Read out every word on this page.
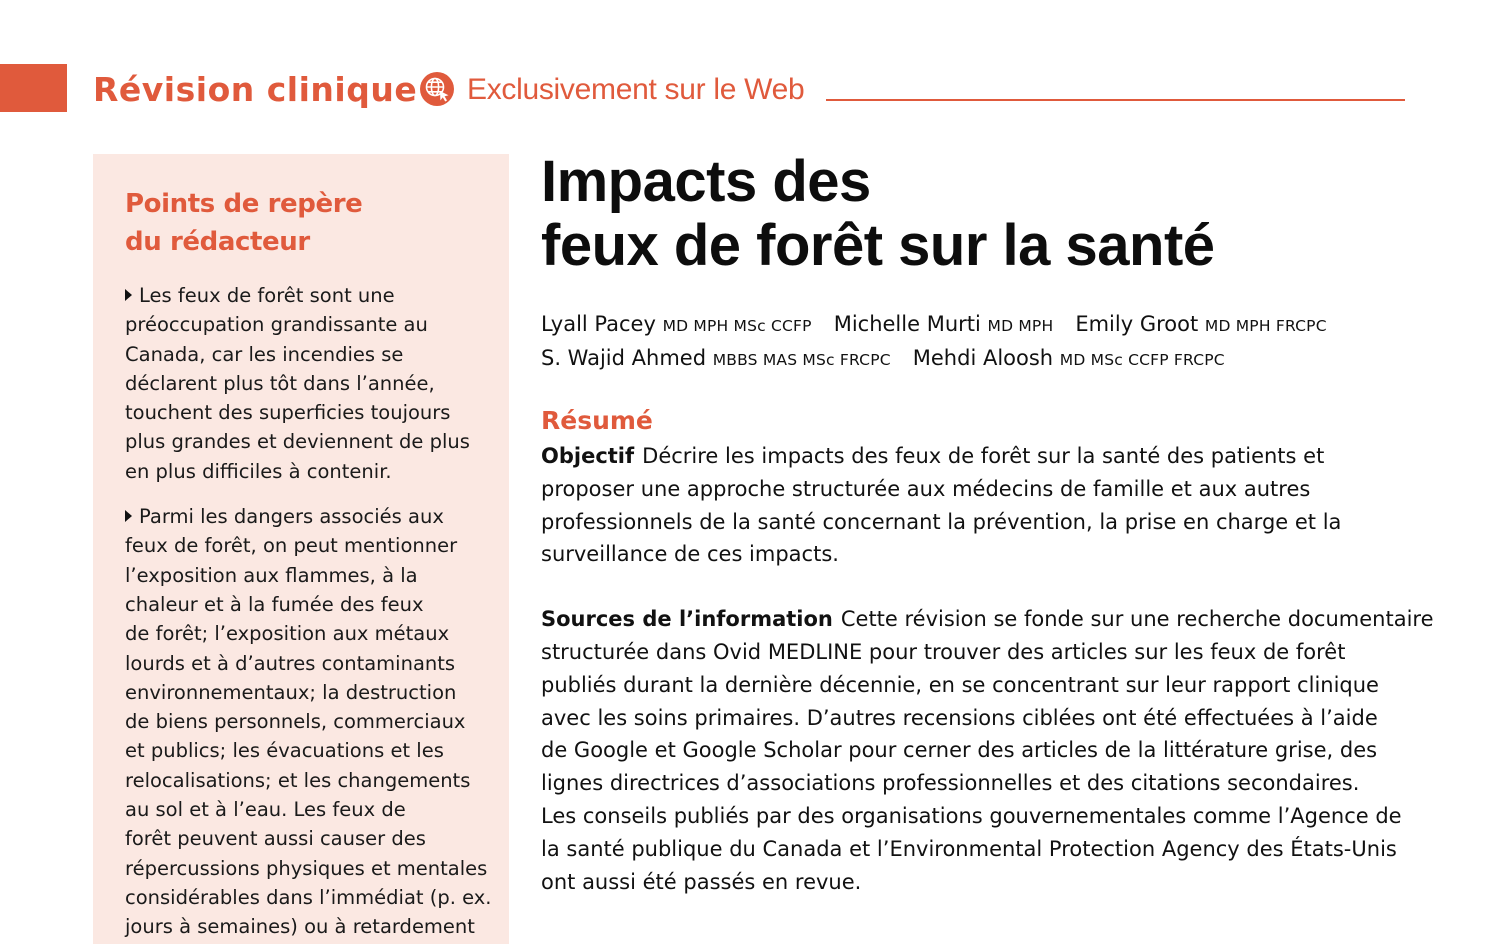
Révision clinique Exclusivement sur le Web
Points de repère
du rédacteur
Les feux de forêt sont une
préoccupation grandissante au
Canada, car les incendies se
déclarent plus tôt dans l’année,
touchent des superficies toujours
plus grandes et deviennent de plus
en plus difficiles à contenir.
Parmi les dangers associés aux
feux de forêt, on peut mentionner
l’exposition aux flammes, à la
chaleur et à la fumée des feux
de forêt; l’exposition aux métaux
lourds et à d’autres contaminants
environnementaux; la destruction
de biens personnels, commerciaux
et publics; les évacuations et les
relocalisations; et les changements
au sol et à l’eau. Les feux de
forêt peuvent aussi causer des
répercussions physiques et mentales
considérables dans l’immédiat (p. ex.
jours à semaines) ou à retardement
Impacts des
feux de forêt sur la santé
Lyall Pacey MD MPH MSc CCFP Michelle Murti MD MPH Emily Groot MD MPH FRCPC
S. Wajid Ahmed MBBS MAS MSc FRCPC Mehdi Aloosh MD MSc CCFP FRCPC
Résumé
Objectif Décrire les impacts des feux de forêt sur la santé des patients et
proposer une approche structurée aux médecins de famille et aux autres
professionnels de la santé concernant la prévention, la prise en charge et la
surveillance de ces impacts.
Sources de l’information Cette révision se fonde sur une recherche documentaire
structurée dans Ovid MEDLINE pour trouver des articles sur les feux de forêt
publiés durant la dernière décennie, en se concentrant sur leur rapport clinique
avec les soins primaires. D’autres recensions ciblées ont été effectuées à l’aide
de Google et Google Scholar pour cerner des articles de la littérature grise, des
lignes directrices d’associations professionnelles et des citations secondaires.
Les conseils publiés par des organisations gouvernementales comme l’Agence de
la santé publique du Canada et l’Environmental Protection Agency des États-Unis
ont aussi été passés en revue.
